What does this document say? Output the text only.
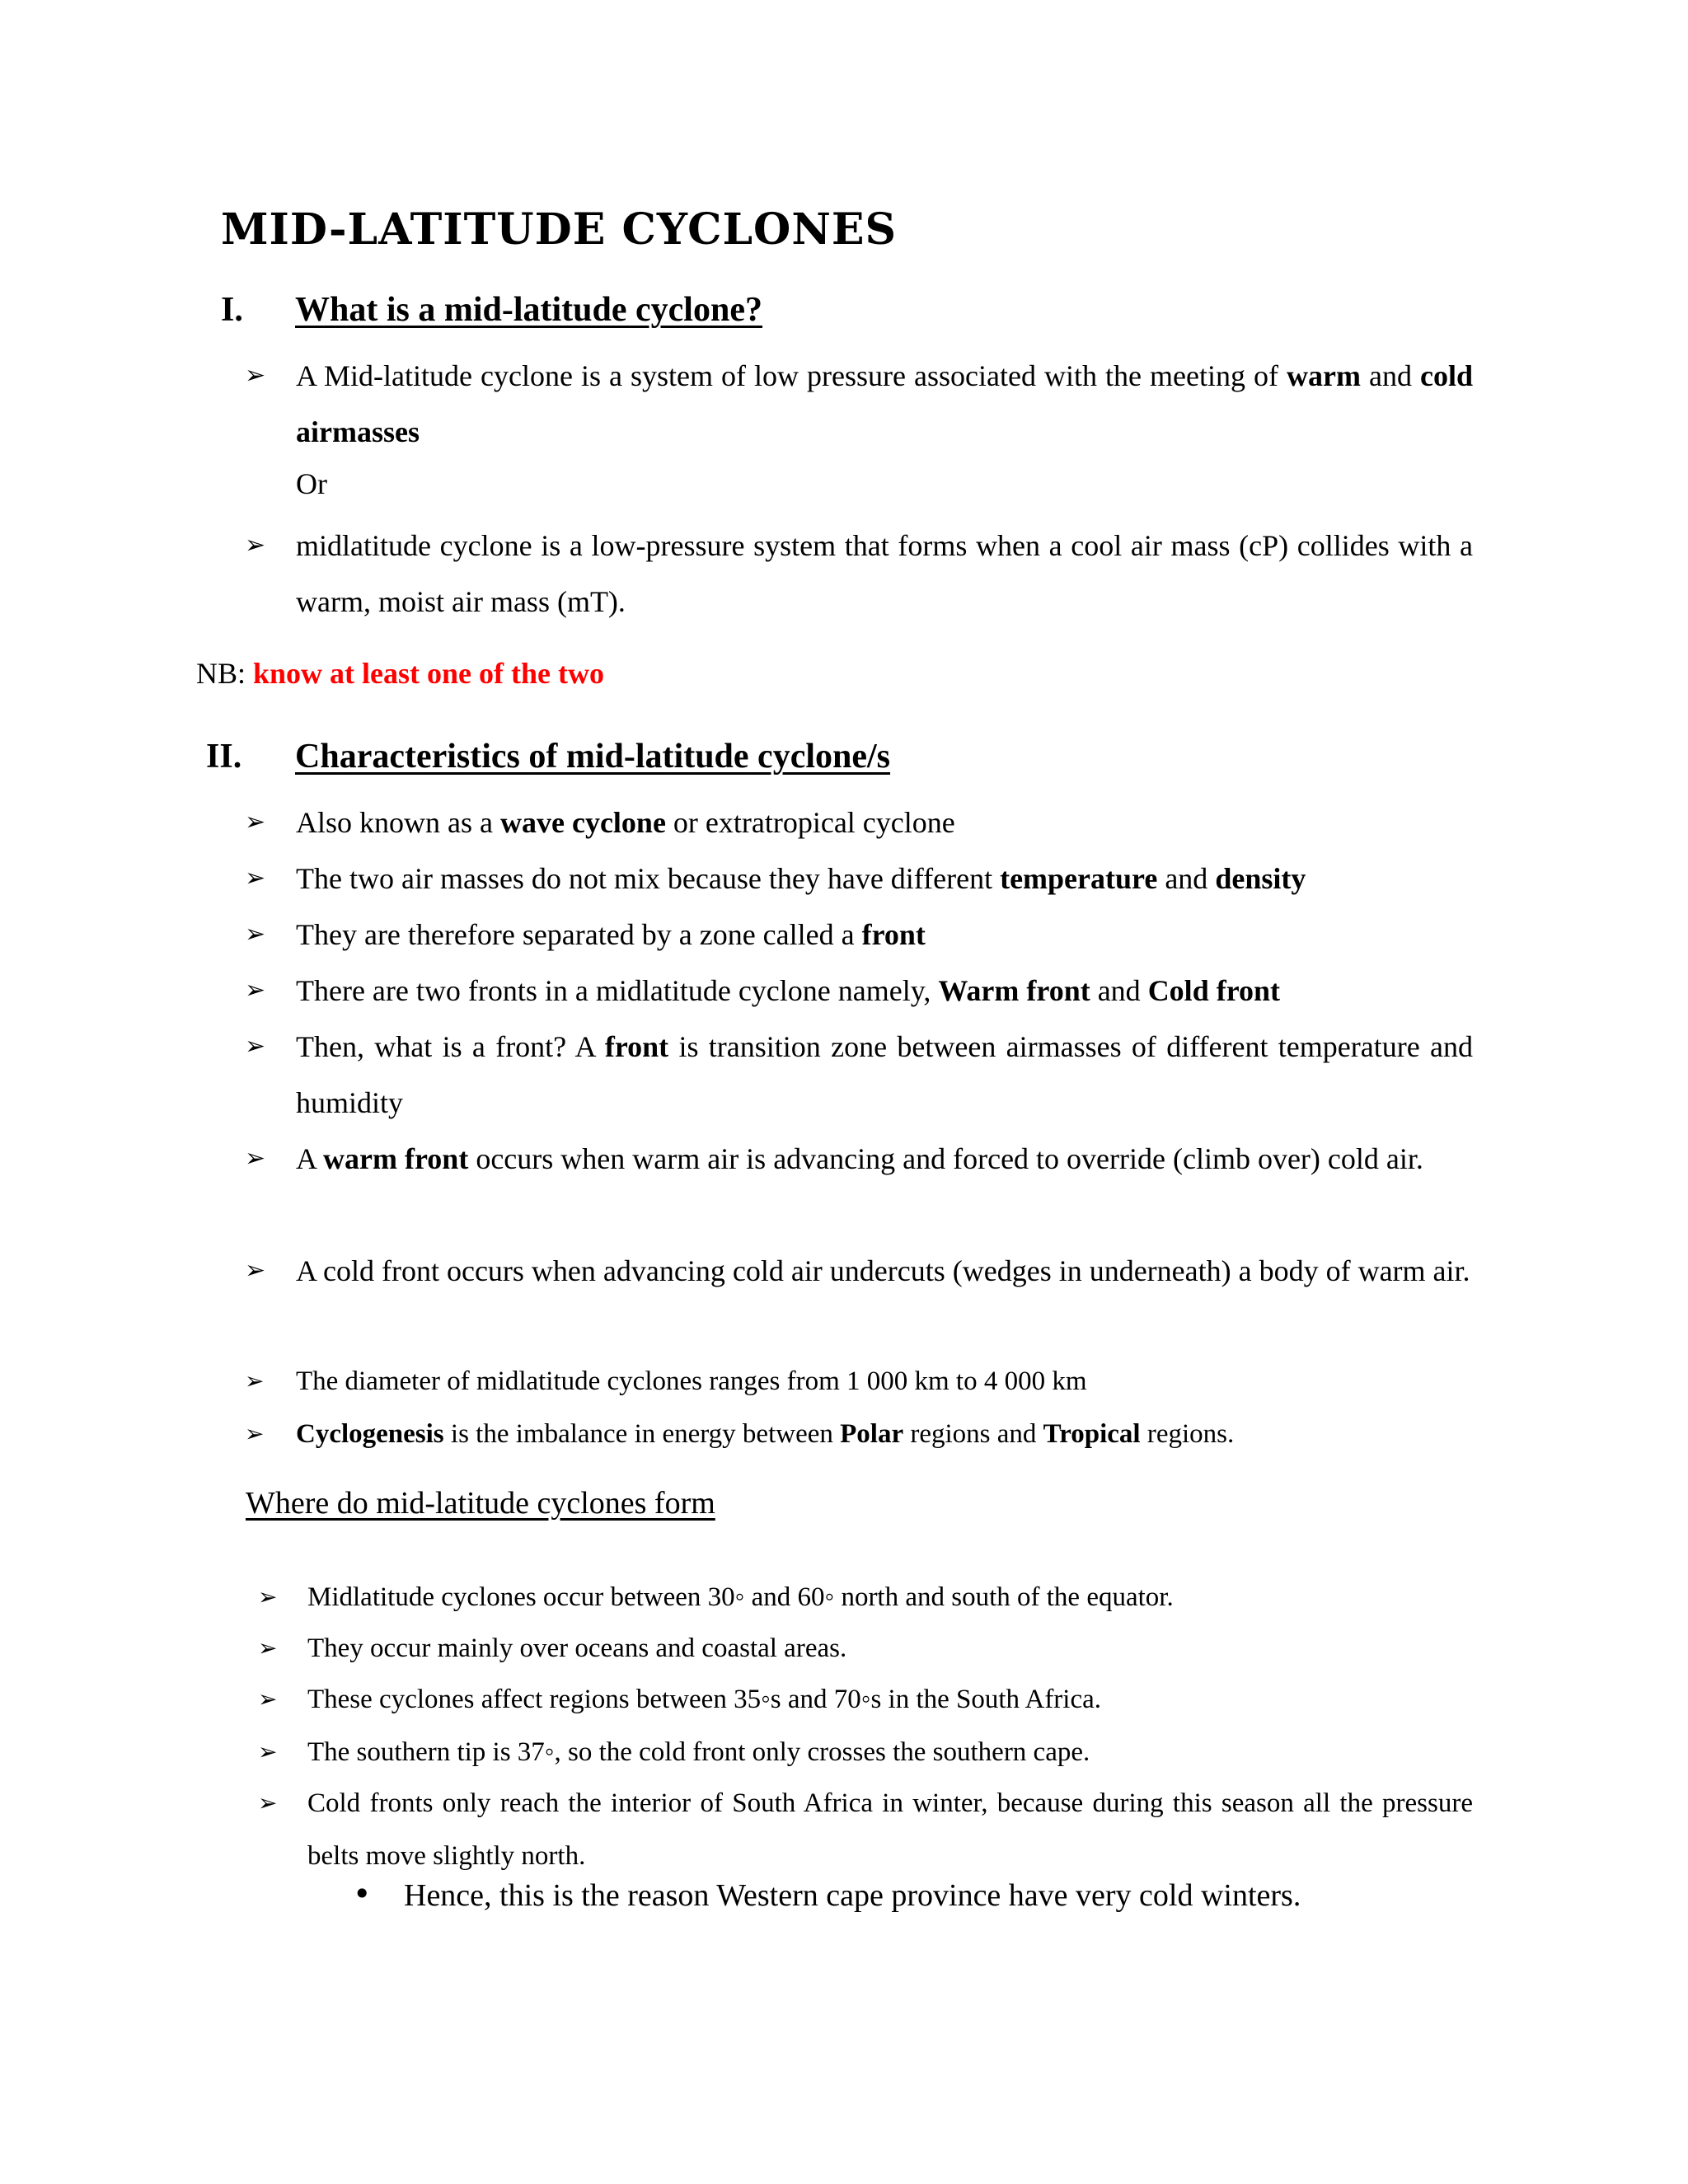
MID-LATITUDE CYCLONES
I. What is a mid-latitude cyclone?
➢ A Mid-latitude cyclone is a system of low pressure associated with the meeting of warm and cold airmasses
Or
➢ midlatitude cyclone is a low-pressure system that forms when a cool air mass (cP) collides with a warm, moist air mass (mT).
NB: know at least one of the two
II. Characteristics of mid-latitude cyclone/s
➢ Also known as a wave cyclone or extratropical cyclone
➢ The two air masses do not mix because they have different temperature and density
➢ They are therefore separated by a zone called a front
➢ There are two fronts in a midlatitude cyclone namely, Warm front and Cold front
➢ Then, what is a front? A front is transition zone between airmasses of different temperature and humidity
➢ A warm front occurs when warm air is advancing and forced to override (climb over) cold air.
➢ A cold front occurs when advancing cold air undercuts (wedges in underneath) a body of warm air.
➢ The diameter of midlatitude cyclones ranges from 1 000 km to 4 000 km
➢ Cyclogenesis is the imbalance in energy between Polar regions and Tropical regions.
Where do mid-latitude cyclones form
➢ Midlatitude cyclones occur between 30◦ and 60◦ north and south of the equator.
➢ They occur mainly over oceans and coastal areas.
➢ These cyclones affect regions between 35◦s and 70◦s in the South Africa.
➢ The southern tip is 37◦, so the cold front only crosses the southern cape.
➢ Cold fronts only reach the interior of South Africa in winter, because during this season all the pressure belts move slightly north.
• Hence, this is the reason Western cape province have very cold winters.
